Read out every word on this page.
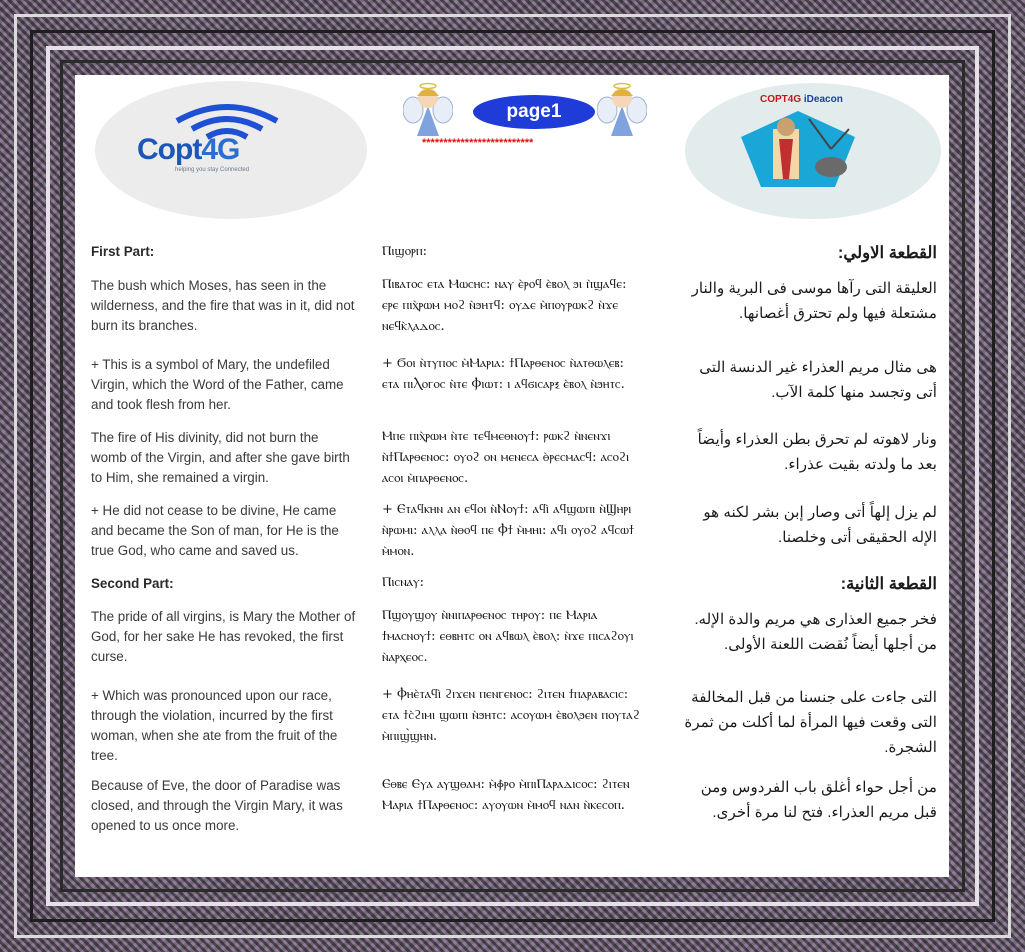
Copt4G
helping you stay Connected
page1
**************************
COPT4G iDeacon

First Part:

The bush which Moses, has seen in the wilderness, and the fire that was in it, did not burn its branches.

+ This is a symbol of Mary, the undefiled Virgin, which the Word of the Father, came and took flesh from her.

The fire of His divinity, did not burn the womb of the Virgin, and after she gave birth to Him, she remained a virgin.

+ He did not cease to be divine, He came and became the Son of man, for He is the true God, who came and saved us.

Second Part:

The pride of all virgins, is Mary the Mother of God, for her sake He has revoked, the first curse.

+ Which was pronounced upon our race, through the violation, incurred by the first woman, when she ate from the fruit of the tree.

Because of Eve, the door of Paradise was closed, and through the Virgin Mary, it was opened to us once more.

Ⲡⲓϣⲟⲣⲡ:

Ⲡⲓⲃⲁⲧⲟⲥ ⲉⲧⲁ Ⲙⲱⲥⲏⲥ: ⲛⲁⲩ ⲉ̀ⲣⲟϥ ⲉ̀ⲃⲟⲗ ϧⲓ ⲡ̀ϣⲁϥⲉ: ⲉⲣⲉ ⲡⲓⲭ̀ⲣⲱⲙ ⲙⲟϩ ⲛ̀ϧⲏⲧϥ: ⲟⲩⲇⲉ ⲙ̀ⲡⲟⲩⲣⲱⲕϩ ⲛ̀ϫⲉ ⲛⲉϥⲕ̀ⲗⲁⲇⲟⲥ.

+ Ϭⲟⲓ ⲛ̀ⲧⲩⲡⲟⲥ ⲙ̀Ⲙⲁⲣⲓⲁ: ϯⲠⲁⲣⲑⲉⲛⲟⲥ ⲛ̀ⲁⲧⲑⲱⲗⲉⲃ: ⲉⲧⲁ ⲡⲓⲖⲟⲅⲟⲥ ⲛ̀ⲧⲉ Ⲫⲓⲱⲧ: ⲓ ⲁϥϭⲓⲥⲁⲣⲝ ⲉ̀ⲃⲟⲗ ⲛ̀ϧⲏⲧⲥ.

Ⲙⲡⲉ ⲡⲓⲭ̀ⲣⲱⲙ ⲛ̀ⲧⲉ ⲧⲉϥⲙⲉⲑⲛⲟⲩϯ: ⲣⲱⲕϩ ⲛ̀ⲛⲉⲛϫⲓ ⲛ̀ϯⲠⲁⲣⲑⲉⲛⲟⲥ: ⲟⲩⲟϩ ⲟⲛ ⲙⲉⲛⲉⲥⲁ ⲑ̀ⲣⲉⲥⲙⲁⲥϥ: ⲁⲥⲟϩⲓ ⲁⲥⲟⲓ ⲙ̀ⲡⲁⲣⲑⲉⲛⲟⲥ.

+ Ⲉⲧⲁϥⲕⲏⲛ ⲁⲛ ⲉϥⲟⲓ ⲛ̀Ⲛⲟⲩϯ: ⲁϥⲓ̀ ⲁϥϣⲱⲡⲓ ⲛ̀Ϣⲏⲣⲓ ⲛ̀ⲣⲱⲙⲓ: ⲁⲗⲗⲁ ⲛ̀ⲑⲟϥ ⲡⲉ Ⲫϯ ⲙ̀ⲙⲏⲓ: ⲁϥⲓ ⲟⲩⲟϩ ⲁϥⲥⲱϯ ⲙ̀ⲙⲟⲛ.

Ⲡⲓⲥⲛⲁⲩ:

Ⲡϣⲟⲩϣⲟⲩ ⲛ̀ⲛⲓⲡⲁⲣⲑⲉⲛⲟⲥ ⲧⲏⲣⲟⲩ: ⲡⲉ Ⲙⲁⲣⲓⲁ ϯⲙⲁⲥⲛⲟⲩϯ: ⲉⲑⲃⲏⲧⲥ ⲟⲛ ⲁϥⲃⲱⲗ ⲉ̀ⲃⲟⲗ: ⲛ̀ϫⲉ ⲡⲓⲥⲁϩⲟⲩⲓ ⲛ̀ⲁⲣⲭⲉⲟⲥ.

+ Ⲫⲏⲉ̀ⲧⲁϥⲓ̀ ϩⲓϫⲉⲛ ⲡⲉⲛⲅⲉⲛⲟⲥ: ϩⲓⲧⲉⲛ ϯⲡⲁⲣⲁⲃⲁⲥⲓⲥ: ⲉⲧⲁ ϯⲥ̀ϩⲓⲙⲓ ϣⲱⲡⲓ ⲛ̀ϧⲏⲧⲥ: ⲁⲥⲟⲩⲱⲙ ⲉ̀ⲃⲟⲗϧⲉⲛ ⲡⲟⲩⲧⲁϩ ⲙ̀ⲡⲓϣ̀ϣⲏⲛ.

Ⲉⲑⲃⲉ Ⲉⲩⲁ ⲁⲩϣⲑⲁⲙ: ⲙ̀ⲫ̀ⲣⲟ ⲙ̀ⲡⲓⲠⲁⲣⲁⲇⲓⲥⲟⲥ: ϩⲓⲧⲉⲛ Ⲙⲁⲣⲓⲁ ϯⲠⲁⲣⲑⲉⲛⲟⲥ: ⲁⲩⲟⲩⲱⲛ ⲙ̀ⲙⲟϥ ⲛⲁⲛ ⲛ̀ⲕⲉⲥⲟⲡ.

القطعة الاولي:

العليقة التى رآها موسى فى البرية والنار مشتعلة فيها ولم تحترق أغصانها.

هى مثال مريم العذراء غير الدنسة التى أتى وتجسد منها كلمة الآب.

ونار لاهوته لم تحرق بطن العذراء وأيضاً بعد ما ولدته بقيت عذراء.

لم يزل إلهاً أتى وصار إبن بشر لكنه هو الإله الحقيقى أتى وخلصنا.

القطعة الثانية:

فخر جميع العذارى هي مريم والدة الإله. من أجلها أيضاً نُقضت اللعنة الأولى.

التى جاءت على جنسنا من قبل المخالفة التى وقعت فيها المرأة لما أكلت من ثمرة الشجرة.

من أجل حواء أغلق باب الفردوس ومن قبل مريم العذراء. فتح لنا مرة أخرى.
